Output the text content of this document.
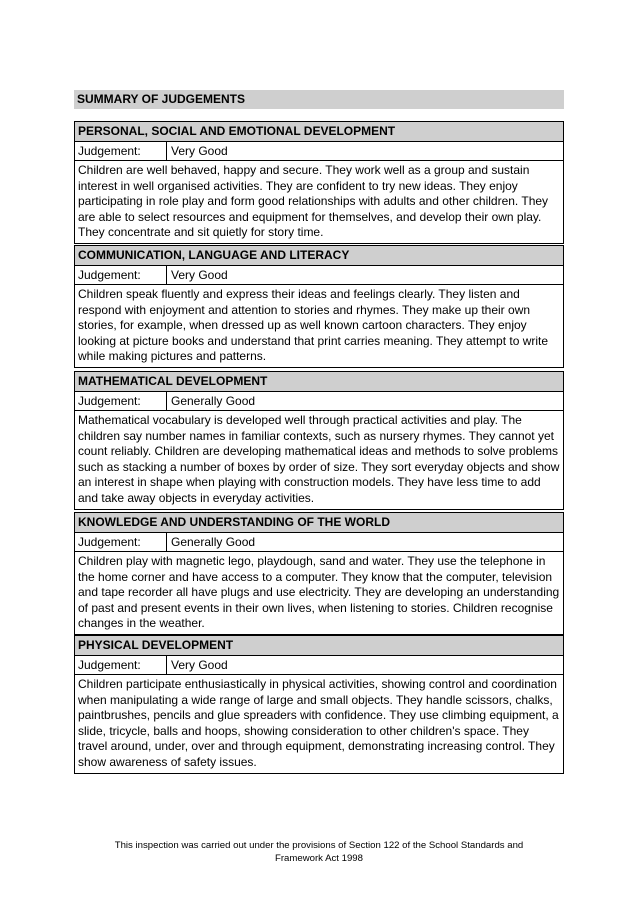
SUMMARY OF JUDGEMENTS
PERSONAL, SOCIAL AND EMOTIONAL DEVELOPMENT
Judgement:	Very Good
Children are well behaved, happy and secure. They work well as a group and sustain interest in well organised activities. They are confident to try new ideas. They enjoy participating in role play and form good relationships with adults and other children. They are able to select resources and equipment for themselves, and develop their own play. They concentrate and sit quietly for story time.
COMMUNICATION, LANGUAGE AND LITERACY
Judgement:	Very Good
Children speak fluently and express their ideas and feelings clearly. They listen and respond with enjoyment and attention to stories and rhymes. They make up their own stories, for example, when dressed up as well known cartoon characters. They enjoy looking at picture books and understand that print carries meaning. They attempt to write while making pictures and patterns.
MATHEMATICAL DEVELOPMENT
Judgement:	Generally Good
Mathematical vocabulary is developed well through practical activities and play. The children say number names in familiar contexts, such as nursery rhymes. They cannot yet count reliably. Children are developing mathematical ideas and methods to solve problems such as stacking a number of boxes by order of size. They sort everyday objects and show an interest in shape when playing with construction models. They have less time to add and take away objects in everyday activities.
KNOWLEDGE AND UNDERSTANDING OF THE WORLD
Judgement:	Generally Good
Children play with magnetic lego, playdough, sand and water. They use the telephone in the home corner and have access to a computer. They know that the computer, television and tape recorder all have plugs and use electricity. They are developing an understanding of past and present events in their own lives, when listening to stories. Children recognise changes in the weather.
PHYSICAL DEVELOPMENT
Judgement:	Very Good
Children participate enthusiastically in physical activities, showing control and coordination when manipulating a wide range of large and small objects. They handle scissors, chalks, paintbrushes, pencils and glue spreaders with confidence. They use climbing equipment, a slide, tricycle, balls and hoops, showing consideration to other children's space. They travel around, under, over and through equipment, demonstrating increasing control. They show awareness of safety issues.
This inspection was carried out under the provisions of Section 122 of the School Standards and
Framework Act 1998
